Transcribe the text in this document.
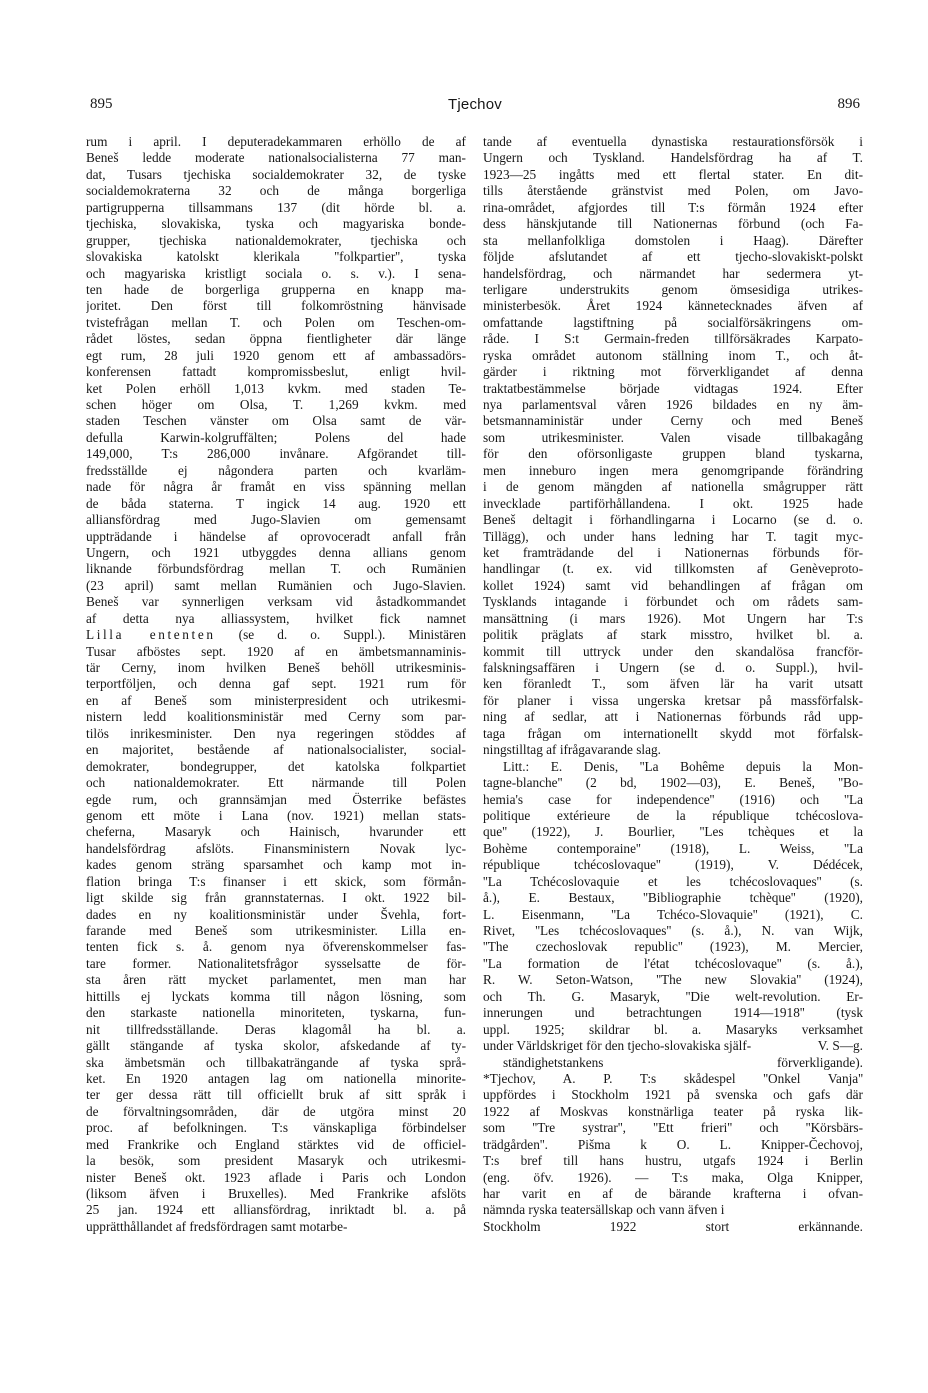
895	Tjechov	896
rum i april. I deputeradekammaren erhöllo de af
Beneš ledde moderate nationalsocialisterna 77 man-
dat, Tusars tjechiska socialdemokrater 32, de tyske
socialdemokraterna 32 och de många borgerliga
partigrupperna tillsammans 137 (dit hörde bl. a.
tjechiska, slovakiska, tyska och magyariska bonde-
grupper, tjechiska nationaldemokrater, tjechiska och
slovakiska katolskt klerikala ''folkpartier'', tyska
och magyariska kristligt sociala o. s. v.). I sena-
ten hade de borgerliga grupperna en knapp ma-
joritet. Den först till folkomröstning hänvisade
tvistefrågan mellan T. och Polen om Teschen-om-
rådet löstes, sedan öppna fientligheter där länge
egt rum, 28 juli 1920 genom ett af ambassadörs-
konferensen fattadt kompromissbeslut, enligt hvil-
ket Polen erhöll 1,013 kvkm. med staden Te-
schen höger om Olsa, T. 1,269 kvkm. med
staden Teschen vänster om Olsa samt de vär-
defulla Karwin-kolgruffälten; Polens del hade
149,000, T:s 286,000 invånare. Afgörandet till-
fredsställde ej någondera parten och kvarläm-
nade för några år framåt en viss spänning mellan
de båda staterna. T ingick 14 aug. 1920 ett
alliansfördrag med Jugo-Slavien om gemensamt
uppträdande i händelse af oprovoceradt anfall från
Ungern, och 1921 utbyggdes denna allians genom
liknande förbundsfördrag mellan T. och Rumänien
(23 april) samt mellan Rumänien och Jugo-Slavien.
Beneš var synnerligen verksam vid åstadkommandet
af detta nya alliassystem, hvilket fick namnet
Lilla ententen (se d. o. Suppl.). Ministären
Tusar afböstes sept. 1920 af en ämbetsmannaminis-
tär Cerny, inom hvilken Beneš behöll utrikesminis-
terportföljen, och denna gaf sept. 1921 rum för
en af Beneš som ministerpresident och utrikesmi-
nistern ledd koalitionsministär med Cerny som par-
tilös inrikesminister. Den nya regeringen stöddes af
en majoritet, bestående af nationalsocialister, social-
demokrater, bondegrupper, det katolska folkpartiet
och nationaldemokrater. Ett närmande till Polen
egde rum, och grannsämjan med Österrike befästes
genom ett möte i Lana (nov. 1921) mellan stats-
cheferna, Masaryk och Hainisch, hvarunder ett
handelsfördrag afslöts. Finansministern Novak lyc-
kades genom sträng sparsamhet och kamp mot in-
flation bringa T:s finanser i ett skick, som förmån-
ligt skilde sig från grannstaternas. I okt. 1922 bil-
dades en ny koalitionsministär under Švehla, fort-
farande med Beneš som utrikesminister. Lilla en-
tenten fick s. å. genom nya öfverenskommelser fas-
tare former. Nationalitetsfrågor sysselsatte de för-
sta åren rätt mycket parlamentet, men man har
hittills ej lyckats komma till någon lösning, som
den starkaste nationella minoriteten, tyskarna, fun-
nit tillfredsställande. Deras klagomål ha bl. a.
gällt stängande af tyska skolor, afskedande af ty-
ska ämbetsmän och tillbakaträngande af tyska språ-
ket. En 1920 antagen lag om nationella minorite-
ter ger dessa rätt till officiellt bruk af sitt språk i
de förvaltningsområden, där de utgöra minst 20
proc. af befolkningen. T:s vänskapliga förbindelser
med Frankrike och England stärktes vid de officiel-
la besök, som president Masaryk och utrikesmi-
nister Beneš okt. 1923 aflade i Paris och London
(liksom äfven i Bruxelles). Med Frankrike afslöts
25 jan. 1924 ett alliansfördrag, inriktadt bl. a. på
upprätthållandet af fredsfördragen samt motarbe-
tande af eventuella dynastiska restaurationsförsök i
Ungern och Tyskland. Handelsfördrag ha af T.
1923—25 ingåtts med ett flertal stater. En dit-
tills återstående gränstvist med Polen, om Javo-
rina-området, afgjordes till T:s förmån 1924 efter
dess hänskjutande till Nationernas förbund (och Fa-
sta mellanfolkliga domstolen i Haag). Därefter
följde afslutandet af ett tjecho-slovakiskt-polskt
handelsfördrag, och närmandet har sedermera yt-
terligare understrukits genom ömsesidiga utrikes-
ministerbesök. Året 1924 kännetecknades äfven af
omfattande lagstiftning på socialförsäkringens om-
råde. I S:t Germain-freden tillförsäkrades Karpato-
ryska området autonom ställning inom T., och åt-
gärder i riktning mot förverkligandet af denna
traktatbestämmelse började vidtagas 1924. Efter
nya parlamentsval våren 1926 bildades en ny äm-
betsmannaministär under Cerny och med Beneš
som utrikesminister. Valen visade tillbakagång
för den oförsonligaste gruppen bland tyskarna,
men inneburo ingen mera genomgripande förändring
i de genom mängden af nationella smågrupper rätt
invecklade partiförhållandena. I okt. 1925 hade
Beneš deltagit i förhandlingarna i Locarno (se d. o.
Tillägg), och under hans ledning har T. tagit myc-
ket framträdande del i Nationernas förbunds för-
handlingar (t. ex. vid tillkomsten af Genèveproto-
kollet 1924) samt vid behandlingen af frågan om
Tysklands intagande i förbundet och om rådets sam-
mansättning (i mars 1926). Mot Ungern har T:s
politik präglats af stark misstro, hvilket bl. a.
kommit till uttryck under den skandalösa francför-
falskningsaffären i Ungern (se d. o. Suppl.), hvil-
ken föranledt T., som äfven lär ha varit utsatt
för planer i vissa ungerska kretsar på massförfalsk-
ning af sedlar, att i Nationernas förbunds råd upp-
taga frågan om internationellt skydd mot förfalsk-
ningstilltag af ifrågavarande slag.
Litt.: E. Denis, ''La Bohême depuis la Mon-
tagne-blanche'' (2 bd, 1902—03), E. Beneš, ''Bo-
hemia's case for independence'' (1916) och ''La
politique extérieure de la république tchécoslova-
que'' (1922), J. Bourlier, ''Les tchèques et la
Bohème contemporaine'' (1918), L. Weiss, ''La
république tchécoslovaque'' (1919), V. Dédécek,
''La Tchécoslovaquie et les tchécoslovaques'' (s.
å.), E. Bestaux, ''Bibliographie tchèque'' (1920),
L. Eisenmann, ''La Tchéco-Slovaquie'' (1921), C.
Rivet, ''Les tchécoslovaques'' (s. å.), N. van Wijk,
''The czechoslovak republic'' (1923), M. Mercier,
''La formation de l'état tchécoslovaque'' (s. å.),
R. W. Seton-Watson, ''The new Slovakia'' (1924),
och Th. G. Masaryk, ''Die welt-revolution. Er-
innerungen und betrachtungen 1914—1918'' (tysk
uppl. 1925; skildrar bl. a. Masaryks verksamhet
under Världskriget för den tjecho-slovakiska själf-	V. S—g.
ständighetstankens förverkligande).
*Tjechov, A. P. T:s skådespel ''Onkel Vanja''
uppfördes i Stockholm 1921 på svenska och gafs där
1922 af Moskvas konstnärliga teater på ryska lik-
som ''Tre systrar'', ''Ett frieri'' och ''Körsbärs-
trädgården''. Pišma k O. L. Knipper-Čechovoj,
T:s bref till hans hustru, utgafs 1924 i Berlin
(eng. öfv. 1926). — T:s maka, Olga Knipper,
har varit en af de bärande krafterna i ofvan-
nämnda ryska teatersällskap och vann äfven i
Stockholm 1922 stort erkännande.
